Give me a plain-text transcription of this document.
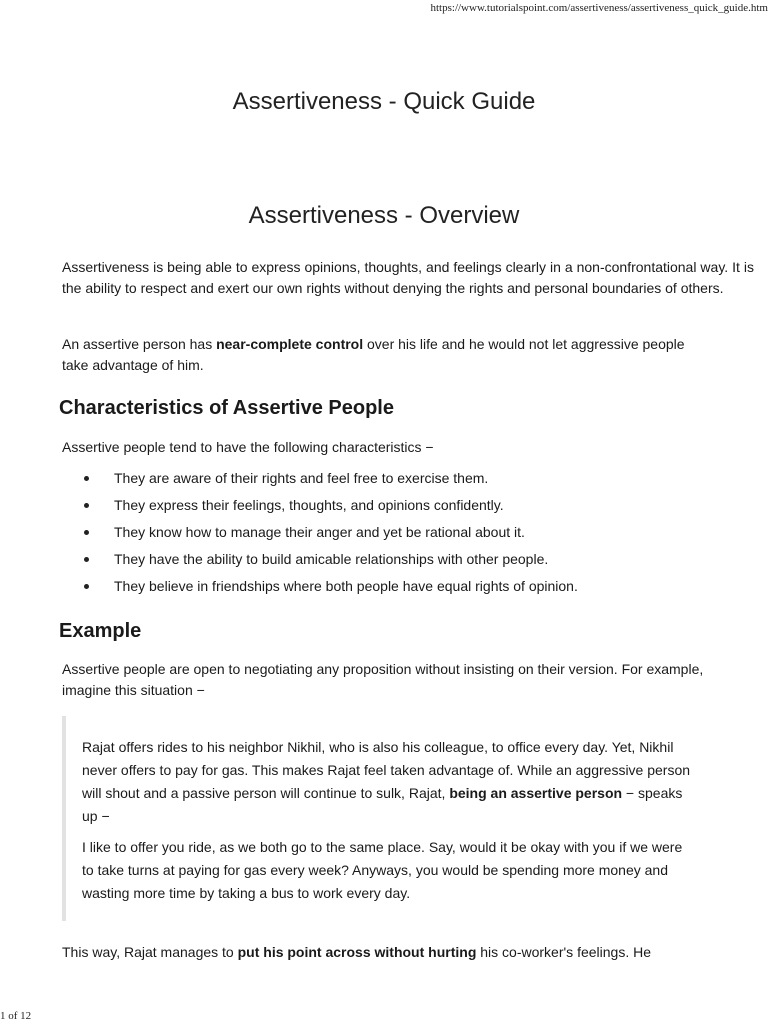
https://www.tutorialspoint.com/assertiveness/assertiveness_quick_guide.htm
Assertiveness - Quick Guide
Assertiveness - Overview

Assertiveness is being able to express opinions, thoughts, and feelings clearly in a non-confrontational way. It is the ability to respect and exert our own rights without denying the rights and personal boundaries of others.

An assertive person has near-complete control over his life and he would not let aggressive people take advantage of him.

Characteristics of Assertive People

Assertive people tend to have the following characteristics −

They are aware of their rights and feel free to exercise them.
They express their feelings, thoughts, and opinions confidently.
They know how to manage their anger and yet be rational about it.
They have the ability to build amicable relationships with other people.
They believe in friendships where both people have equal rights of opinion.
Example

Assertive people are open to negotiating any proposition without insisting on their version. For example, imagine this situation −

Rajat offers rides to his neighbor Nikhil, who is also his colleague, to office every day. Yet, Nikhil never offers to pay for gas. This makes Rajat feel taken advantage of. While an aggressive person will shout and a passive person will continue to sulk, Rajat, being an assertive person − speaks up −

I like to offer you ride, as we both go to the same place. Say, would it be okay with you if we were to take turns at paying for gas every week? Anyways, you would be spending more money and wasting more time by taking a bus to work every day.

This way, Rajat manages to put his point across without hurting his co-worker's feelings. He

1 of 12
